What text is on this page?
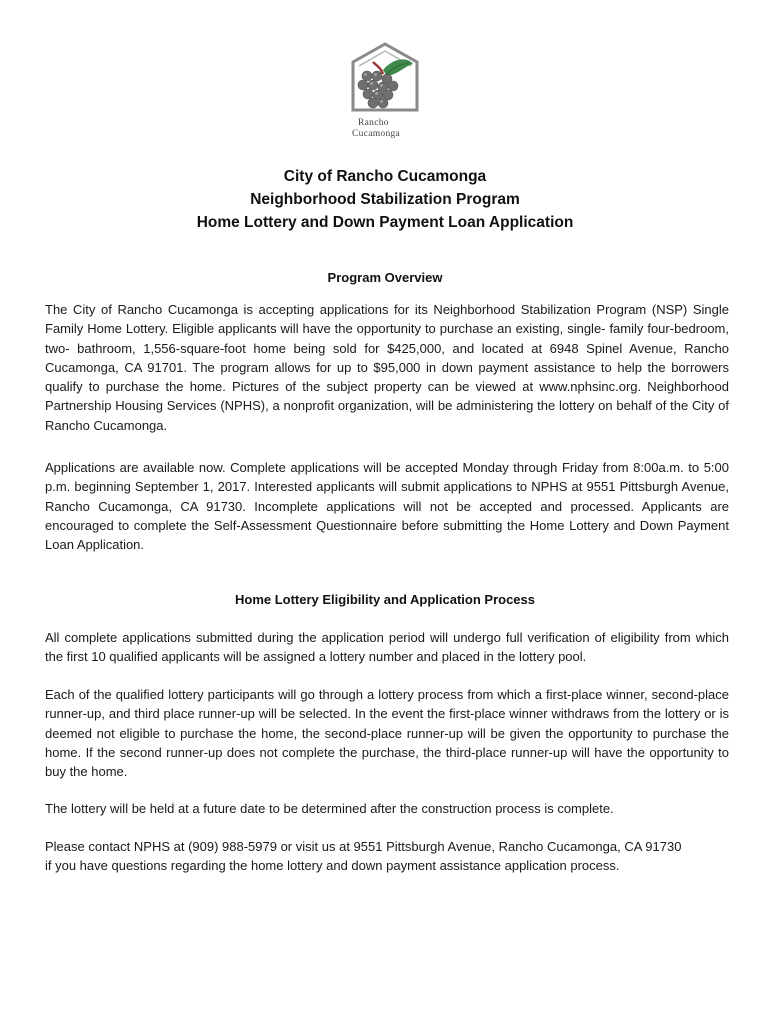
Rancho
Cucamonga
City of Rancho Cucamonga
Neighborhood Stabilization Program
Home Lottery and Down Payment Loan Application
Program Overview

The City of Rancho Cucamonga is accepting applications for its Neighborhood Stabilization Program (NSP) Single Family Home Lottery. Eligible applicants will have the opportunity to purchase an existing, single- family four-bedroom, two- bathroom, 1,556-square-foot home being sold for $425,000, and located at 6948 Spinel Avenue, Rancho Cucamonga, CA 91701. The program allows for up to $95,000 in down payment assistance to help the borrowers qualify to purchase the home. Pictures of the subject property can be viewed at www.nphsinc.org. Neighborhood Partnership Housing Services (NPHS), a nonprofit organization, will be administering the lottery on behalf of the City of Rancho Cucamonga.

Applications are available now. Complete applications will be accepted Monday through Friday from 8:00a.m. to 5:00 p.m. beginning September 1, 2017. Interested applicants will submit applications to NPHS at 9551 Pittsburgh Avenue, Rancho Cucamonga, CA 91730. Incomplete applications will not be accepted and processed. Applicants are encouraged to complete the Self-Assessment Questionnaire before submitting the Home Lottery and Down Payment Loan Application.

Home Lottery Eligibility and Application Process

All complete applications submitted during the application period will undergo full verification of eligibility from which the first 10 qualified applicants will be assigned a lottery number and placed in the lottery pool.

Each of the qualified lottery participants will go through a lottery process from which a first-place winner, second-place runner-up, and third place runner-up will be selected. In the event the first-place winner withdraws from the lottery or is deemed not eligible to purchase the home, the second-place runner-up will be given the opportunity to purchase the home. If the second runner-up does not complete the purchase, the third-place runner-up will have the opportunity to buy the home.

The lottery will be held at a future date to be determined after the construction process is complete.

Please contact NPHS at (909) 988-5979 or visit us at 9551 Pittsburgh Avenue, Rancho Cucamonga, CA 91730
if you have questions regarding the home lottery and down payment assistance application process.
